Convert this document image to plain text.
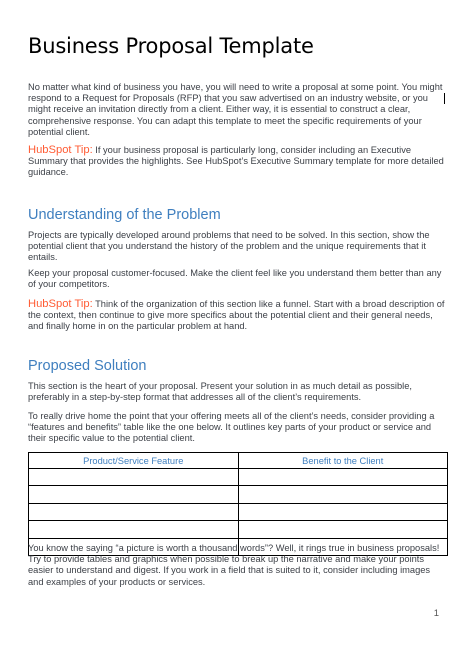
Business Proposal Template

No matter what kind of business you have, you will need to write a proposal at some point. You might respond to a Request for Proposals (RFP) that you saw advertised on an industry website, or you might receive an invitation directly from a client. Either way, it is essential to construct a clear, comprehensive response. You can adapt this template to meet the specific requirements of your potential client.

HubSpot Tip: If your business proposal is particularly long, consider including an Executive Summary that provides the highlights. See HubSpot’s Executive Summary template for more detailed guidance.

Understanding of the Problem

Projects are typically developed around problems that need to be solved. In this section, show the potential client that you understand the history of the problem and the unique requirements that it entails.

Keep your proposal customer-focused. Make the client feel like you understand them better than any of your competitors.

HubSpot Tip: Think of the organization of this section like a funnel. Start with a broad description of the context, then continue to give more specifics about the potential client and their general needs, and finally home in on the particular problem at hand.

Proposed Solution

This section is the heart of your proposal. Present your solution in as much detail as possible, preferably in a step-by-step format that addresses all of the client’s requirements.

To really drive home the point that your offering meets all of the client’s needs, consider providing a “features and benefits” table like the one below. It outlines key parts of your product or service and their specific value to the potential client.

Product/Service Feature	Benefit to the Client

You know the saying “a picture is worth a thousand words”? Well, it rings true in business proposals! Try to provide tables and graphics when possible to break up the narrative and make your points easier to understand and digest. If you work in a field that is suited to it, consider including images and examples of your products or services.

1
